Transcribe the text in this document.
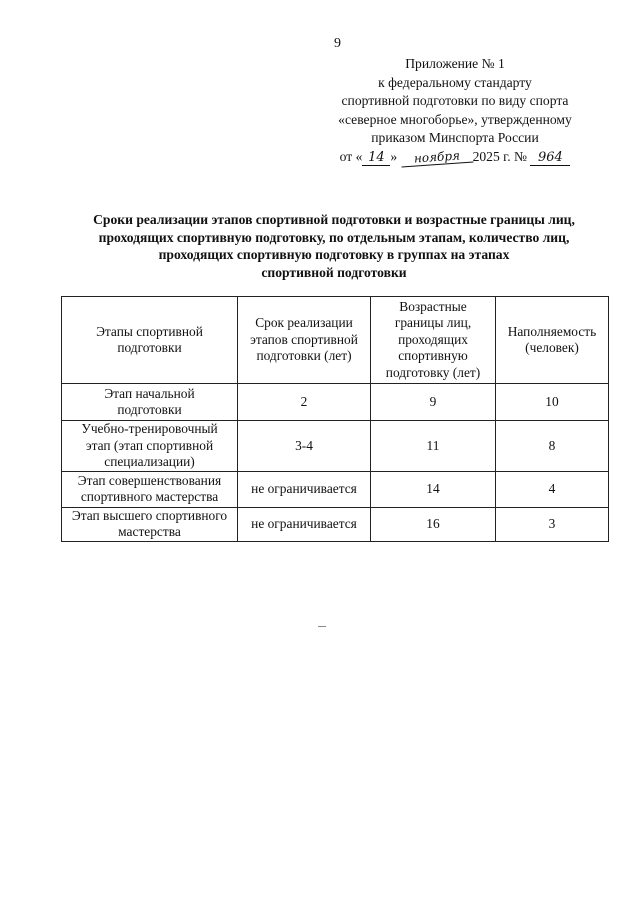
9
Приложение № 1
к федеральному стандарту
спортивной подготовки по виду спорта
«северное многоборье», утвержденному
приказом Минспорта России
от « 14 » ноября 2025 г. № 964
Сроки реализации этапов спортивной подготовки и возрастные границы лиц,
проходящих спортивную подготовку, по отдельным этапам, количество лиц,
проходящих спортивную подготовку в группах на этапах
спортивной подготовки
Этапы спортивной подготовки	Срок реализации этапов спортивной подготовки (лет)	Возрастные границы лиц, проходящих спортивную подготовку (лет)	Наполняемость (человек)
Этап начальной подготовки	2	9	10
Учебно-тренировочный этап (этап спортивной специализации)	3-4	11	8
Этап совершенствования спортивного мастерства	не ограничивается	14	4
Этап высшего спортивного мастерства	не ограничивается	16	3
